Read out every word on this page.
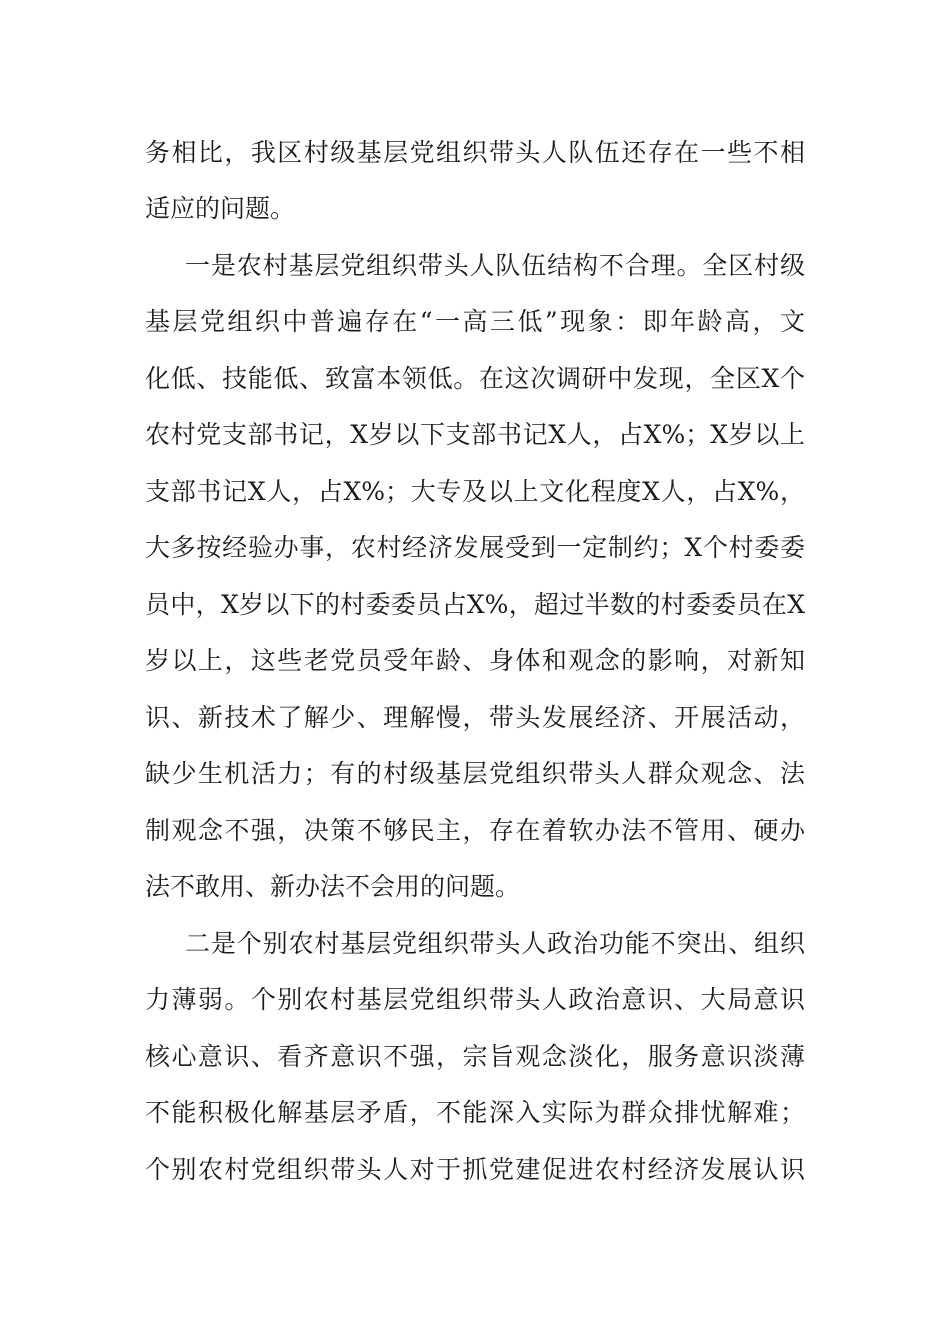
务相比，我区村级基层党组织带头人队伍还存在一些不相
适应的问题。
一是农村基层党组织带头人队伍结构不合理。全区村级
基层党组织中普遍存在“一高三低”现象：即年龄高，文
化低、技能低、致富本领低。在这次调研中发现，全区X个
农村党支部书记，X岁以下支部书记X人，占X%；X岁以上
支部书记X人，占X%；大专及以上文化程度X人，占X%，
大多按经验办事，农村经济发展受到一定制约；X个村委委
员中，X岁以下的村委委员占X%，超过半数的村委委员在X
岁以上，这些老党员受年龄、身体和观念的影响，对新知
识、新技术了解少、理解慢，带头发展经济、开展活动，
缺少生机活力；有的村级基层党组织带头人群众观念、法
制观念不强，决策不够民主，存在着软办法不管用、硬办
法不敢用、新办法不会用的问题。
二是个别农村基层党组织带头人政治功能不突出、组织
力薄弱。个别农村基层党组织带头人政治意识、大局意识
核心意识、看齐意识不强，宗旨观念淡化，服务意识淡薄
不能积极化解基层矛盾，不能深入实际为群众排忧解难；
个别农村党组织带头人对于抓党建促进农村经济发展认识
